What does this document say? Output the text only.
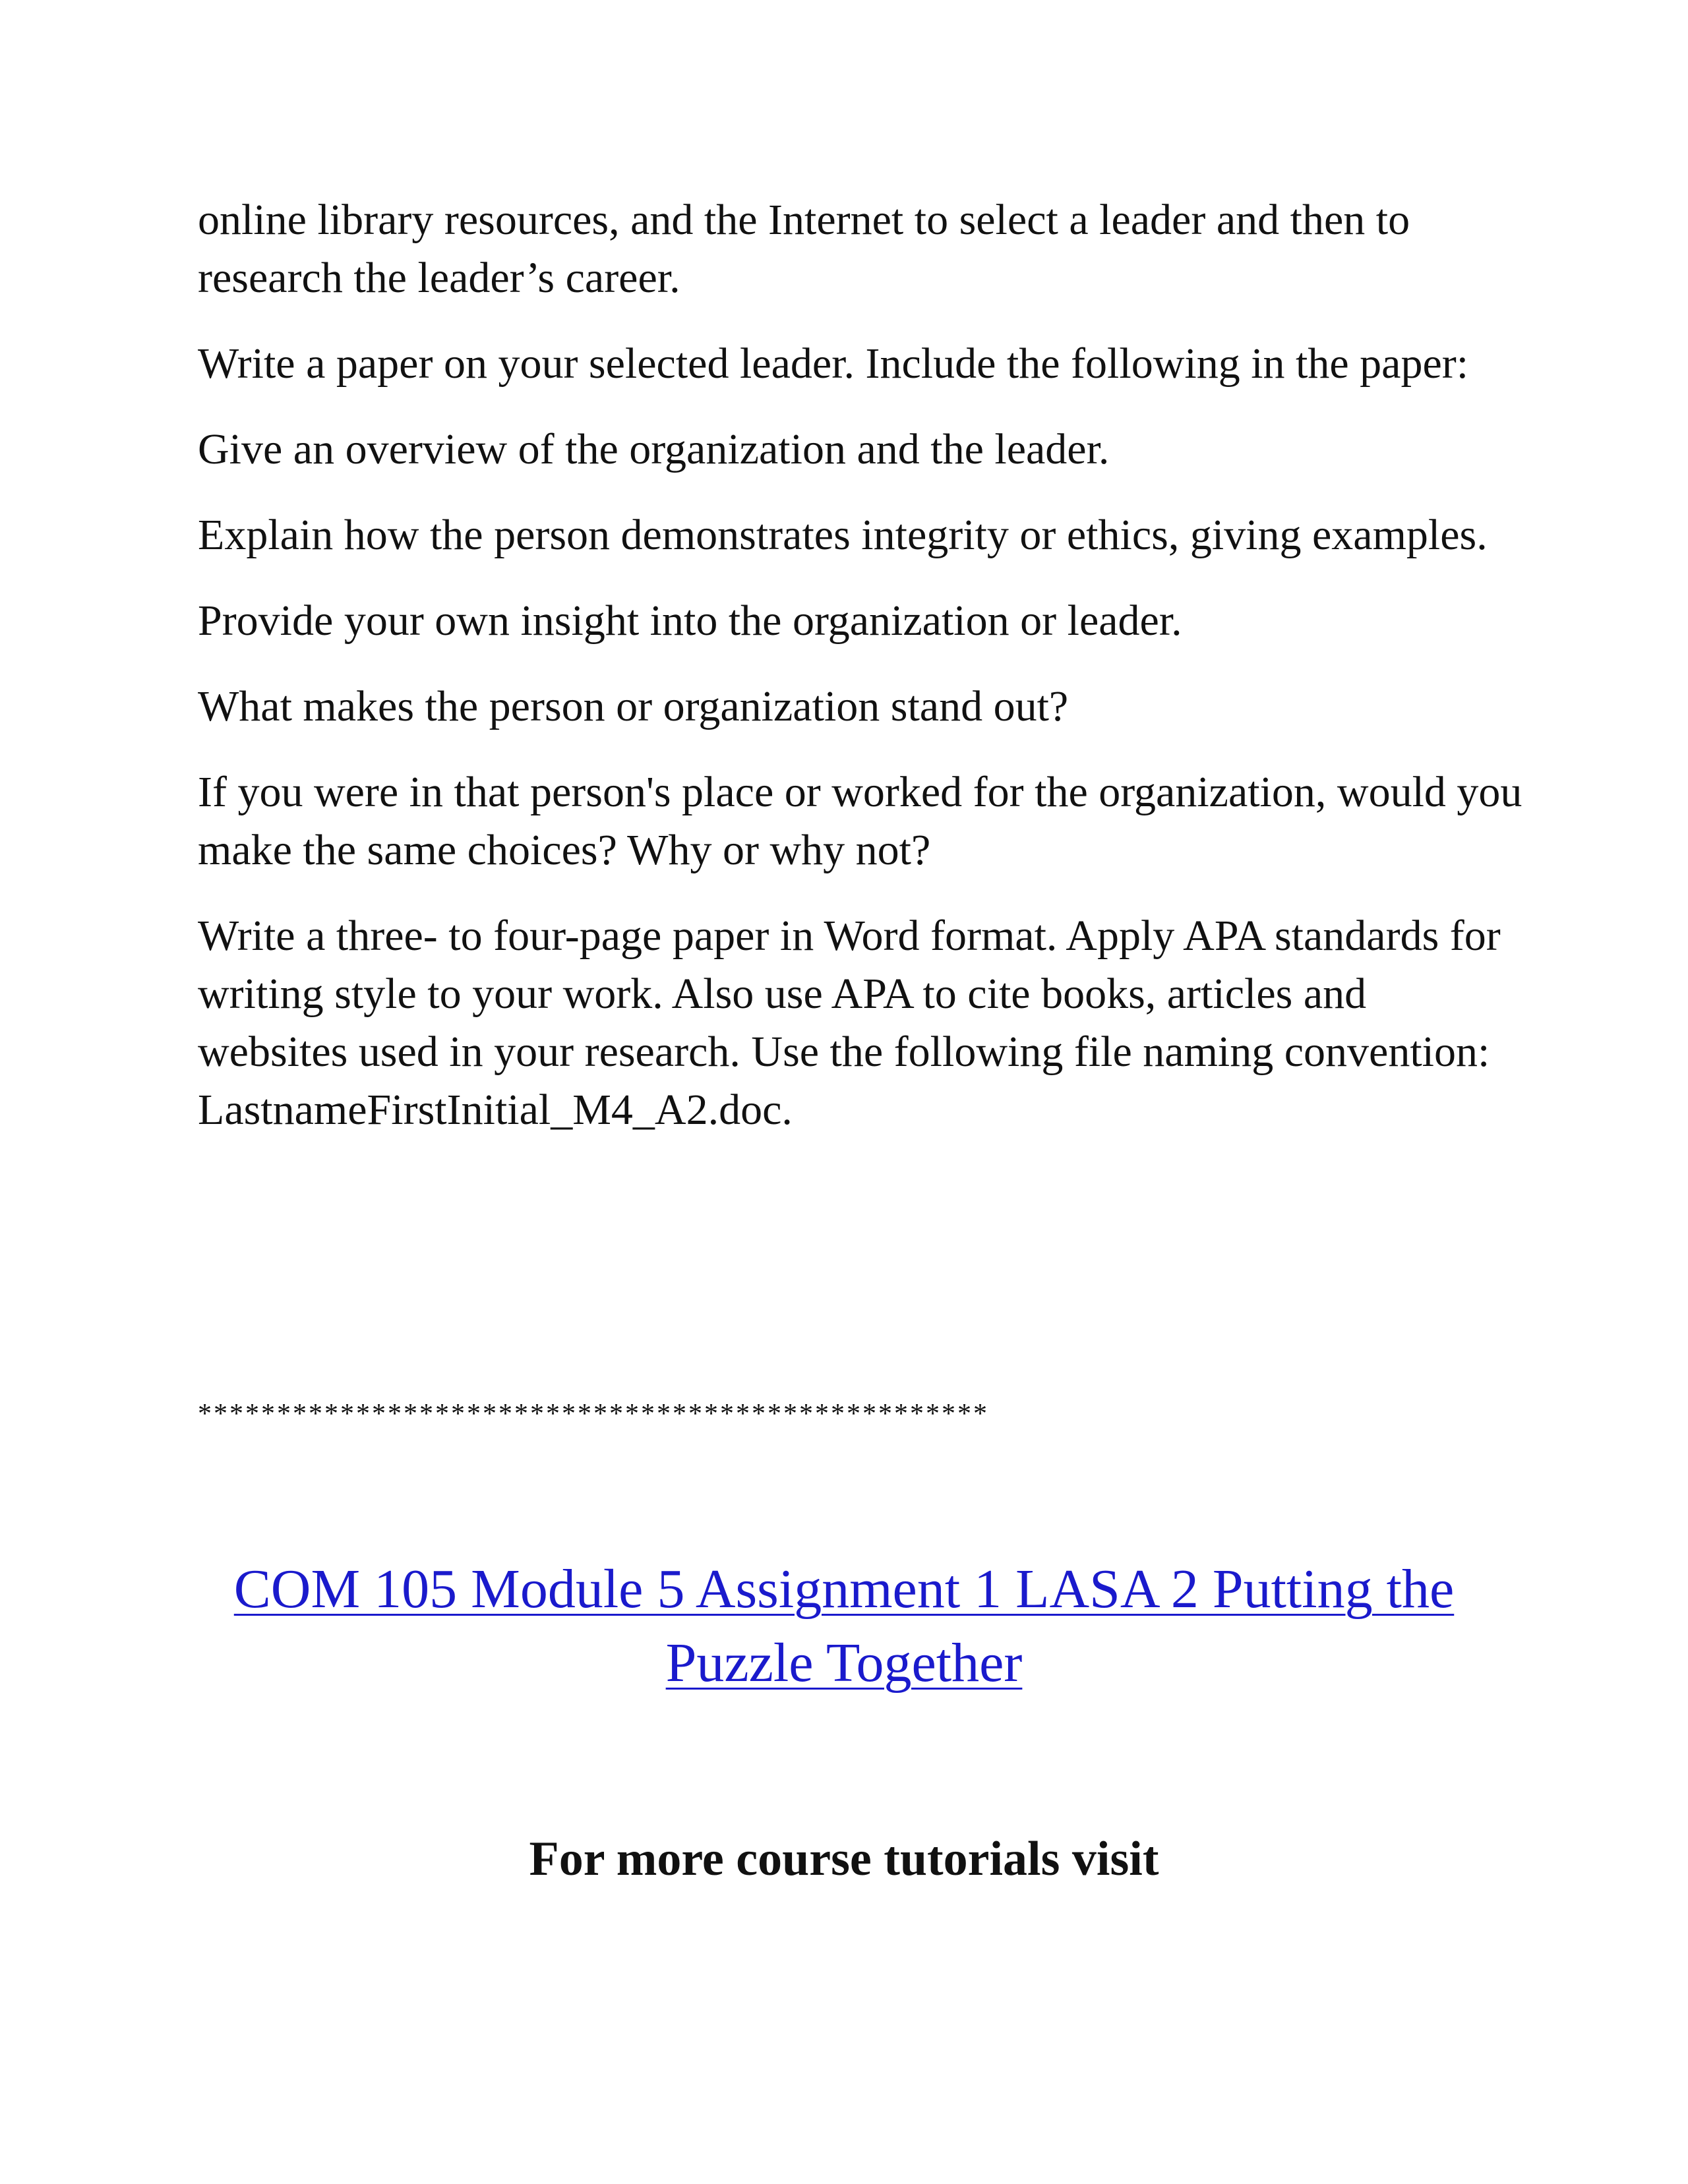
online library resources, and the Internet to select a leader and then to research the leader’s career.

Write a paper on your selected leader. Include the following in the paper:

Give an overview of the organization and the leader.

Explain how the person demonstrates integrity or ethics, giving examples.

Provide your own insight into the organization or leader.

What makes the person or organization stand out?

If you were in that person's place or worked for the organization, would you make the same choices? Why or why not?

Write a three- to four-page paper in Word format. Apply APA standards for writing style to your work. Also use APA to cite books, articles and websites used in your research. Use the following file naming convention: LastnameFirstInitial_M4_A2.doc.

**************************************************
COM 105 Module 5 Assignment 1 LASA 2 Putting the Puzzle Together
For more course tutorials visit
